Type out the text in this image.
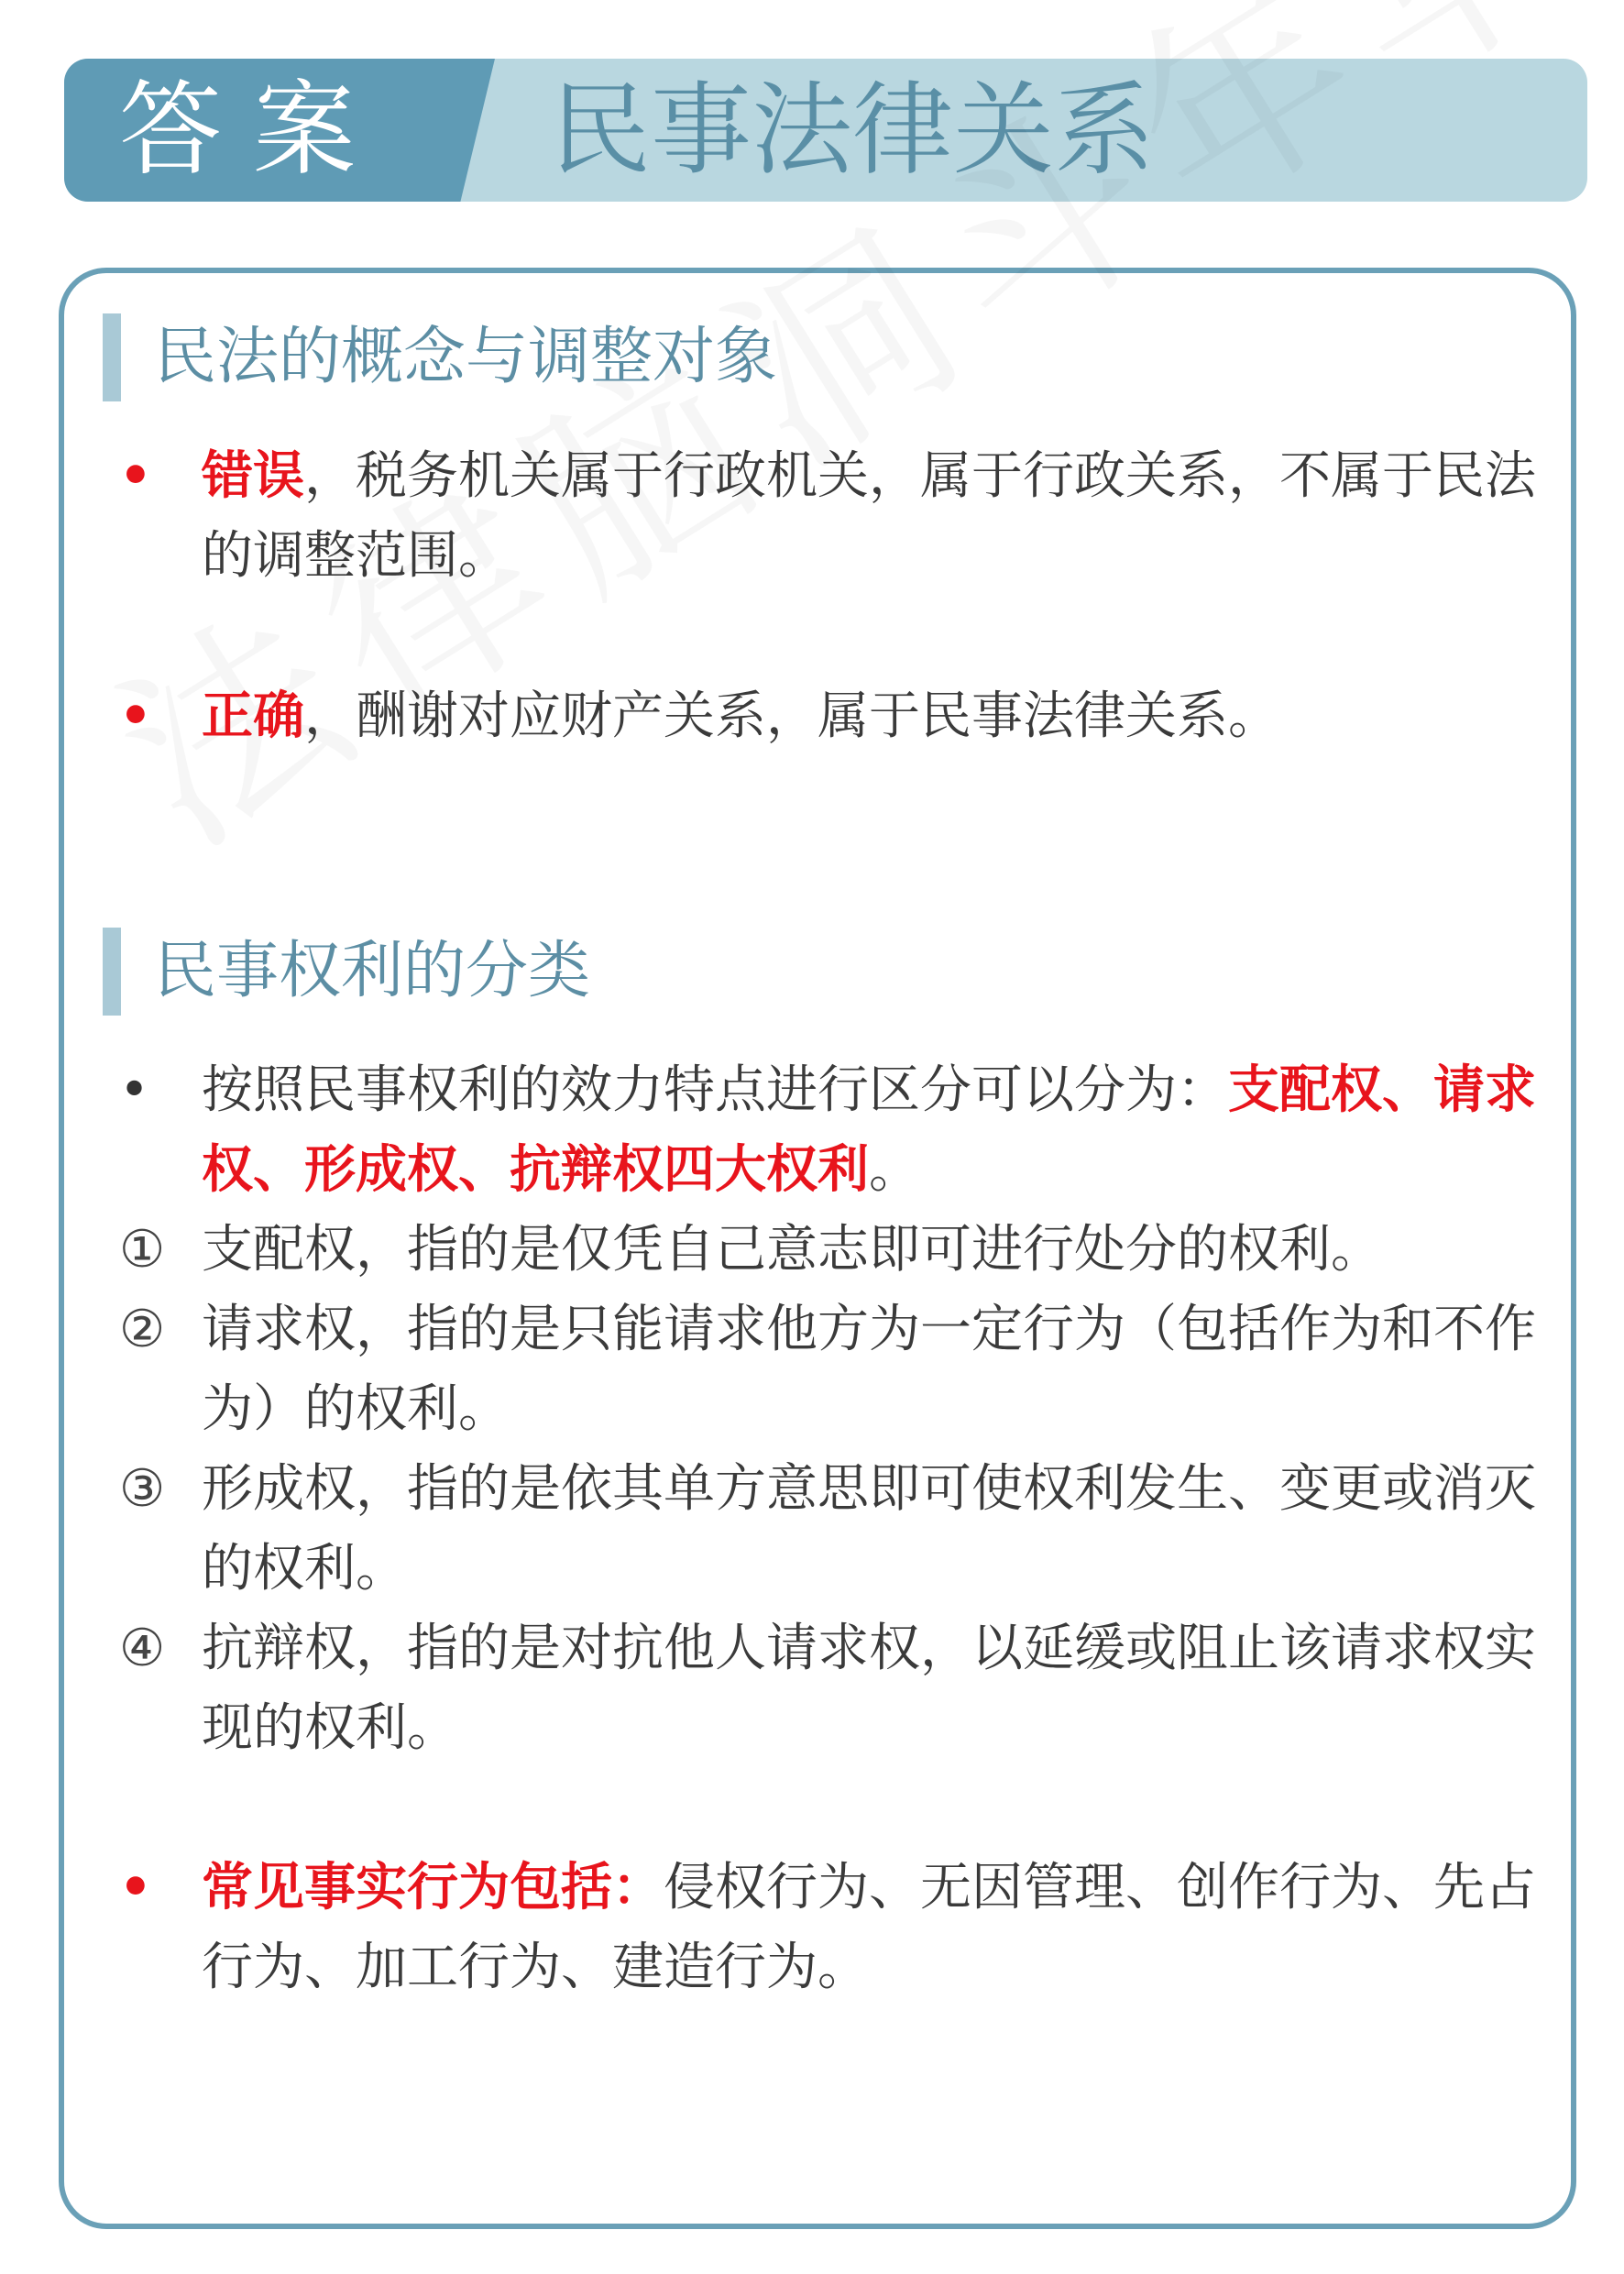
答案 民事法律关系
民法的概念与调整对象
• 错误，税务机关属于行政机关，属于行政关系，不属于民法的调整范围。
• 正确，酬谢对应财产关系，属于民事法律关系。
民事权利的分类
•	按照民事权利的效力特点进行区分可以分为：支配权、请求权、形成权、抗辩权四大权利。
① 支配权，指的是仅凭自己意志即可进行处分的权利。
② 请求权，指的是只能请求他方为一定行为（包括作为和不作为）的权利。
③ 形成权，指的是依其单方意思即可使权利发生、变更或消灭的权利。
④ 抗辩权，指的是对抗他人请求权，以延缓或阻止该请求权实现的权利。
• 常见事实行为包括：侵权行为、无因管理、创作行为、先占行为、加工行为、建造行为。
